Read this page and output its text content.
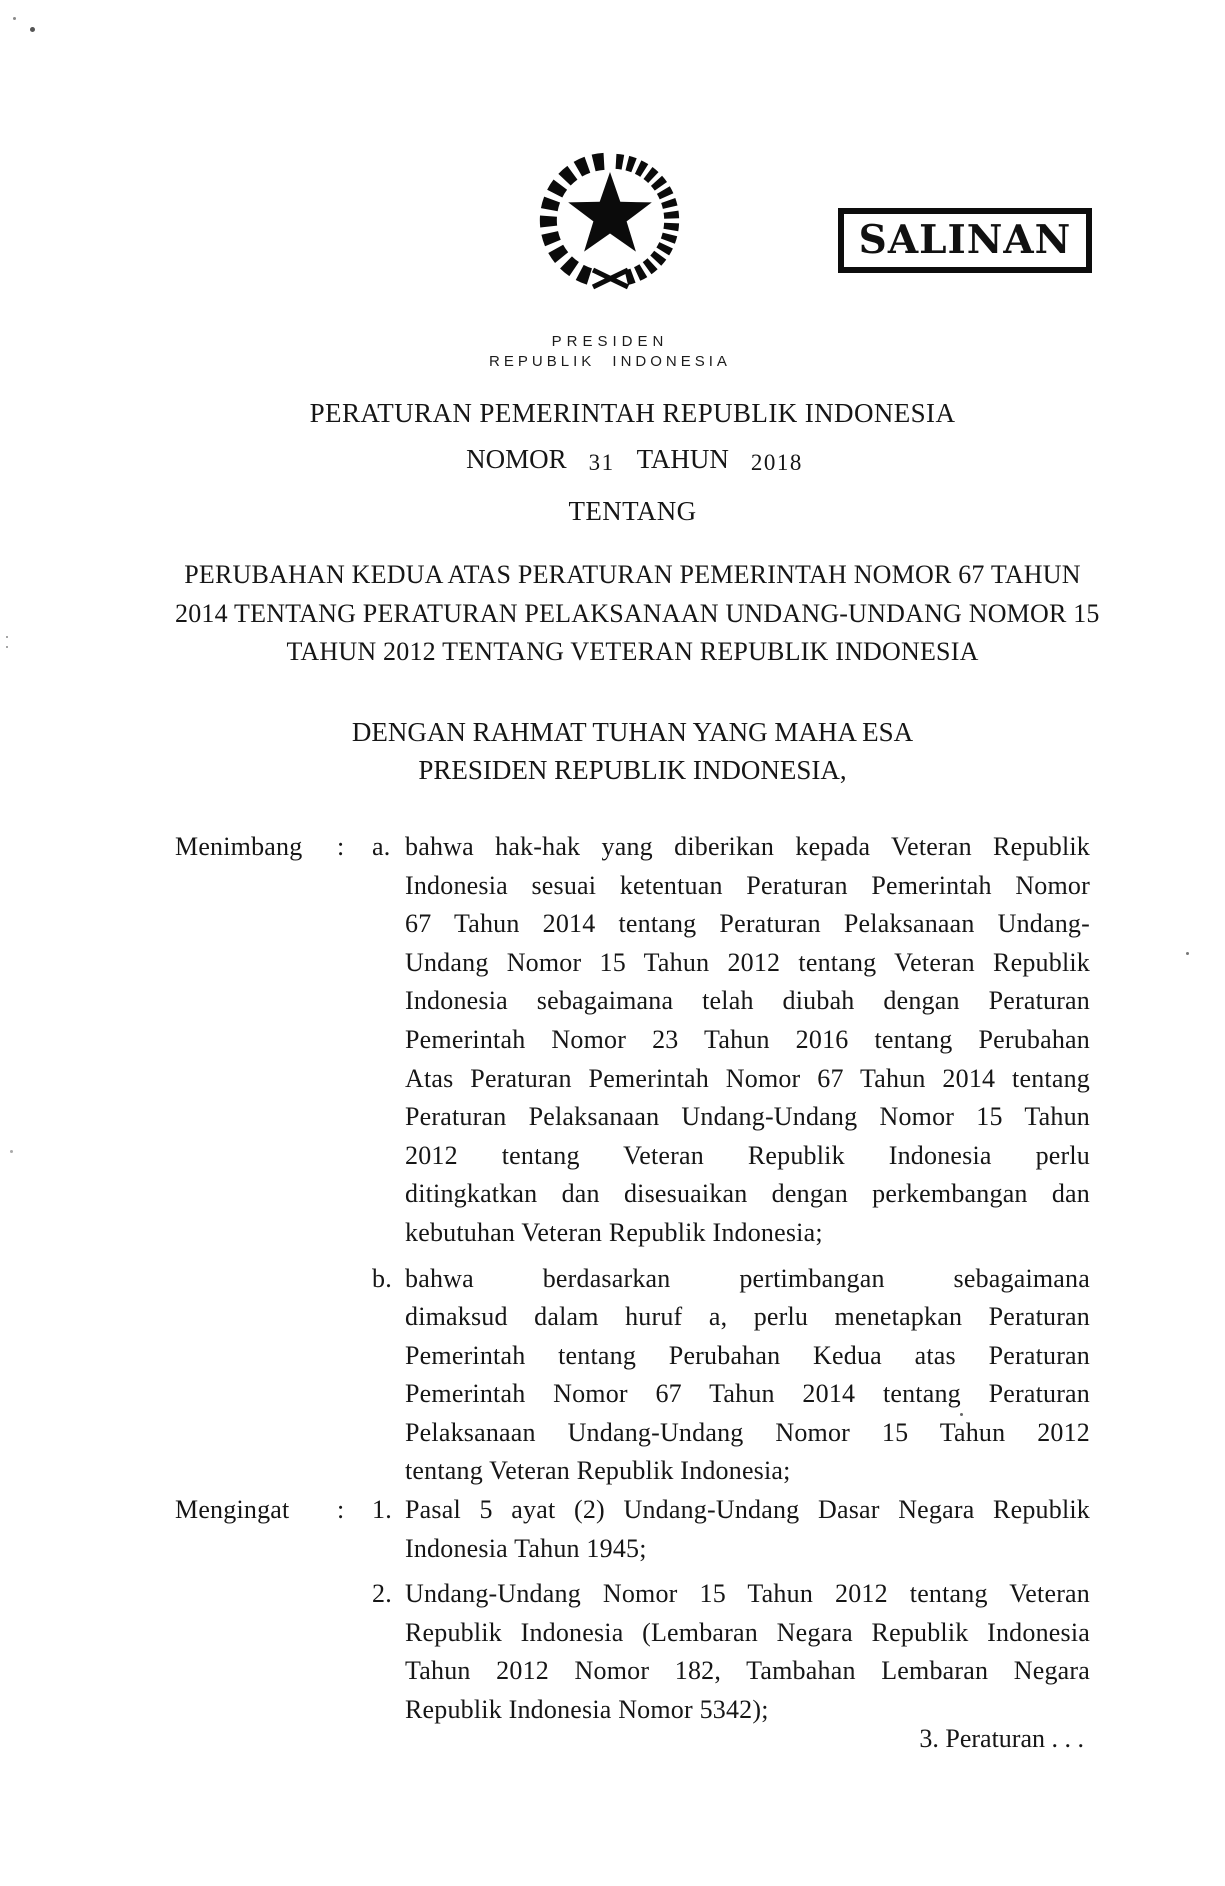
SALINAN
PRESIDEN
REPUBLIK INDONESIA
PERATURAN PEMERINTAH REPUBLIK INDONESIA
NOMOR 31 TAHUN 2018
TENTANG
PERUBAHAN KEDUA ATAS PERATURAN PEMERINTAH NOMOR 67 TAHUN
2014 TENTANG PERATURAN PELAKSANAAN UNDANG-UNDANG NOMOR 15
TAHUN 2012 TENTANG VETERAN REPUBLIK INDONESIA
DENGAN RAHMAT TUHAN YANG MAHA ESA
PRESIDEN REPUBLIK INDONESIA,
Menimbang	:	a. bahwa hak-hak yang diberikan kepada Veteran Republik
Indonesia sesuai ketentuan Peraturan Pemerintah Nomor
67 Tahun 2014 tentang Peraturan Pelaksanaan Undang-
Undang Nomor 15 Tahun 2012 tentang Veteran Republik
Indonesia sebagaimana telah diubah dengan Peraturan
Pemerintah Nomor 23 Tahun 2016 tentang Perubahan
Atas Peraturan Pemerintah Nomor 67 Tahun 2014 tentang
Peraturan Pelaksanaan Undang-Undang Nomor 15 Tahun
2012 tentang Veteran Republik Indonesia perlu
ditingkatkan dan disesuaikan dengan perkembangan dan
kebutuhan Veteran Republik Indonesia;
b. bahwa berdasarkan pertimbangan sebagaimana
dimaksud dalam huruf a, perlu menetapkan Peraturan
Pemerintah tentang Perubahan Kedua atas Peraturan
Pemerintah Nomor 67 Tahun 2014 tentang Peraturan
Pelaksanaan Undang-Undang Nomor 15 Tahun 2012
tentang Veteran Republik Indonesia;
Mengingat	:	1. Pasal 5 ayat (2) Undang-Undang Dasar Negara Republik
Indonesia Tahun 1945;
2. Undang-Undang Nomor 15 Tahun 2012 tentang Veteran
Republik Indonesia (Lembaran Negara Republik Indonesia
Tahun 2012 Nomor 182, Tambahan Lembaran Negara
Republik Indonesia Nomor 5342);
3. Peraturan . . .
